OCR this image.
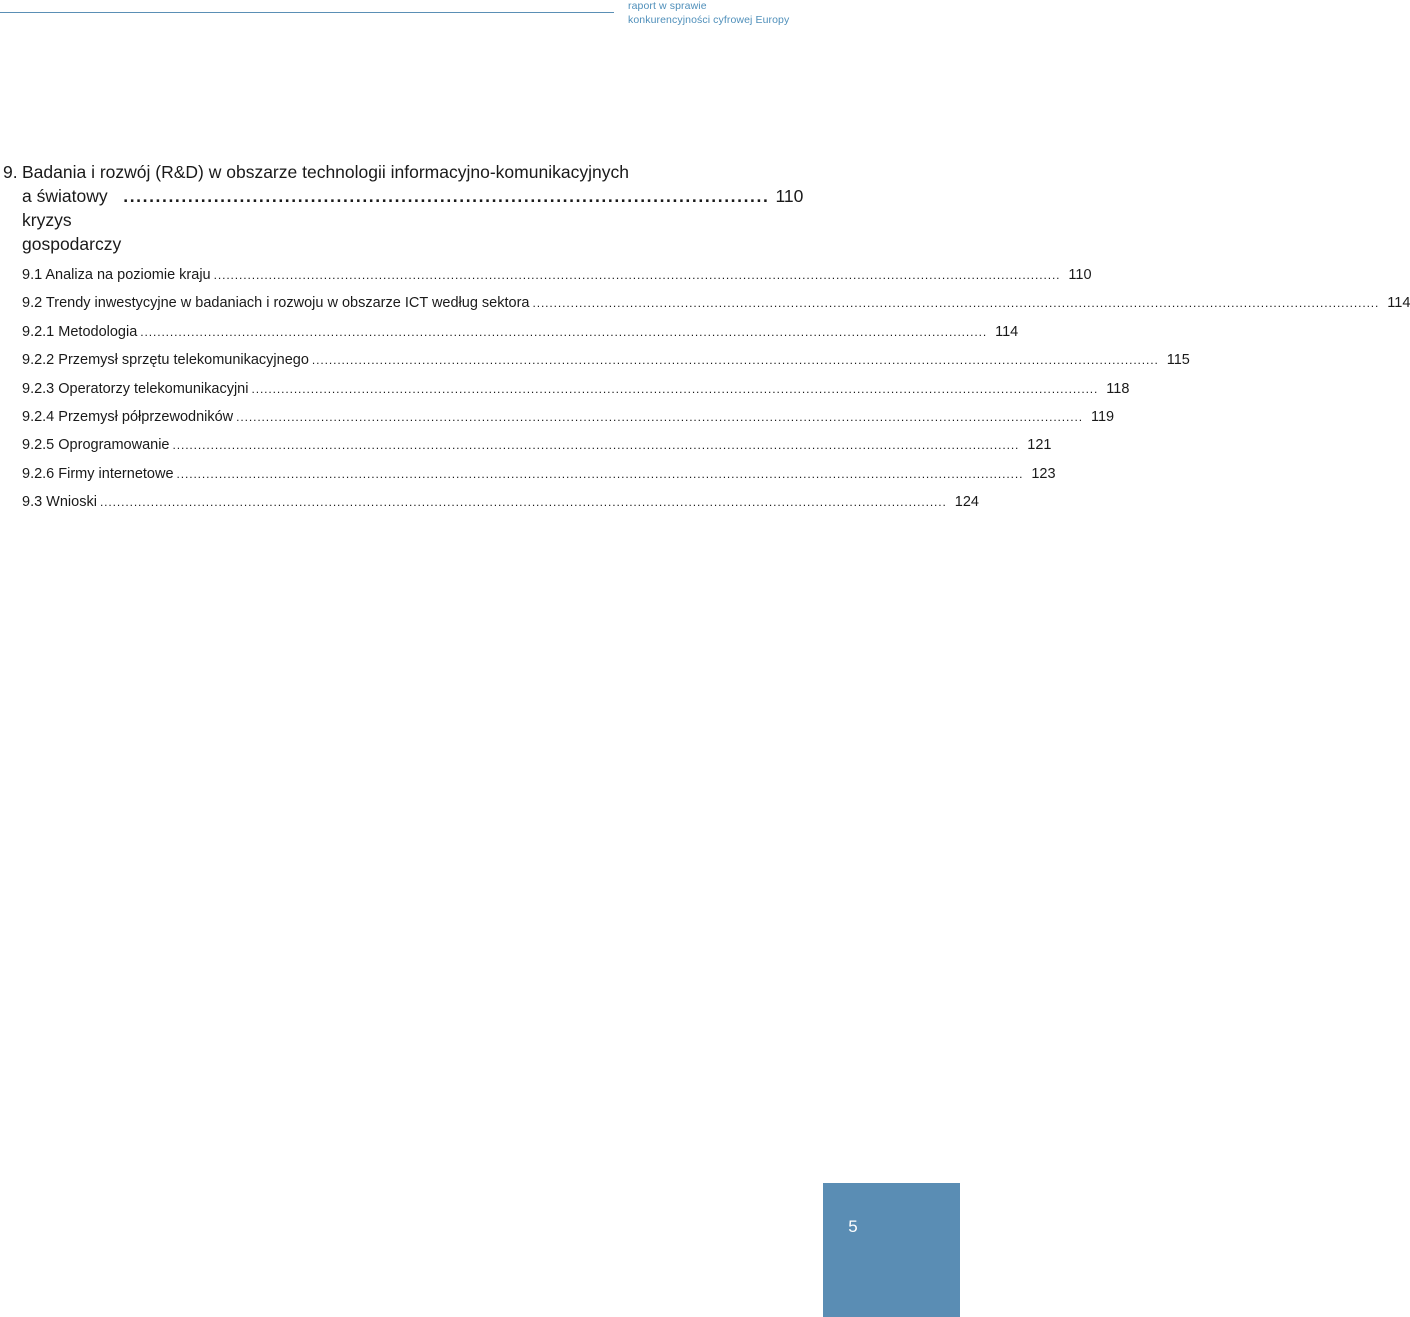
raport w sprawie
konkurencyjności cyfrowej Europy
9. Badania i rozwój (R&D) w obszarze technologii informacyjno-komunikacyjnych
a światowy kryzys gospodarczy
.................................................................................................... 110
9.1 Analiza na poziomie kraju ........................................................................................................................................................................................................ 110
9.2 Trendy inwestycyjne w badaniach i rozwoju w obszarze ICT według sektora ........................................................................................................................................................................................................ 114
9.2.1 Metodologia ........................................................................................................................................................................................................ 114
9.2.2 Przemysł sprzętu telekomunikacyjnego ........................................................................................................................................................................................................ 115
9.2.3 Operatorzy telekomunikacyjni ........................................................................................................................................................................................................ 118
9.2.4 Przemysł półprzewodników ........................................................................................................................................................................................................ 119
9.2.5 Oprogramowanie ........................................................................................................................................................................................................ 121
9.2.6 Firmy internetowe ........................................................................................................................................................................................................ 123
9.3 Wnioski ........................................................................................................................................................................................................ 124
5
